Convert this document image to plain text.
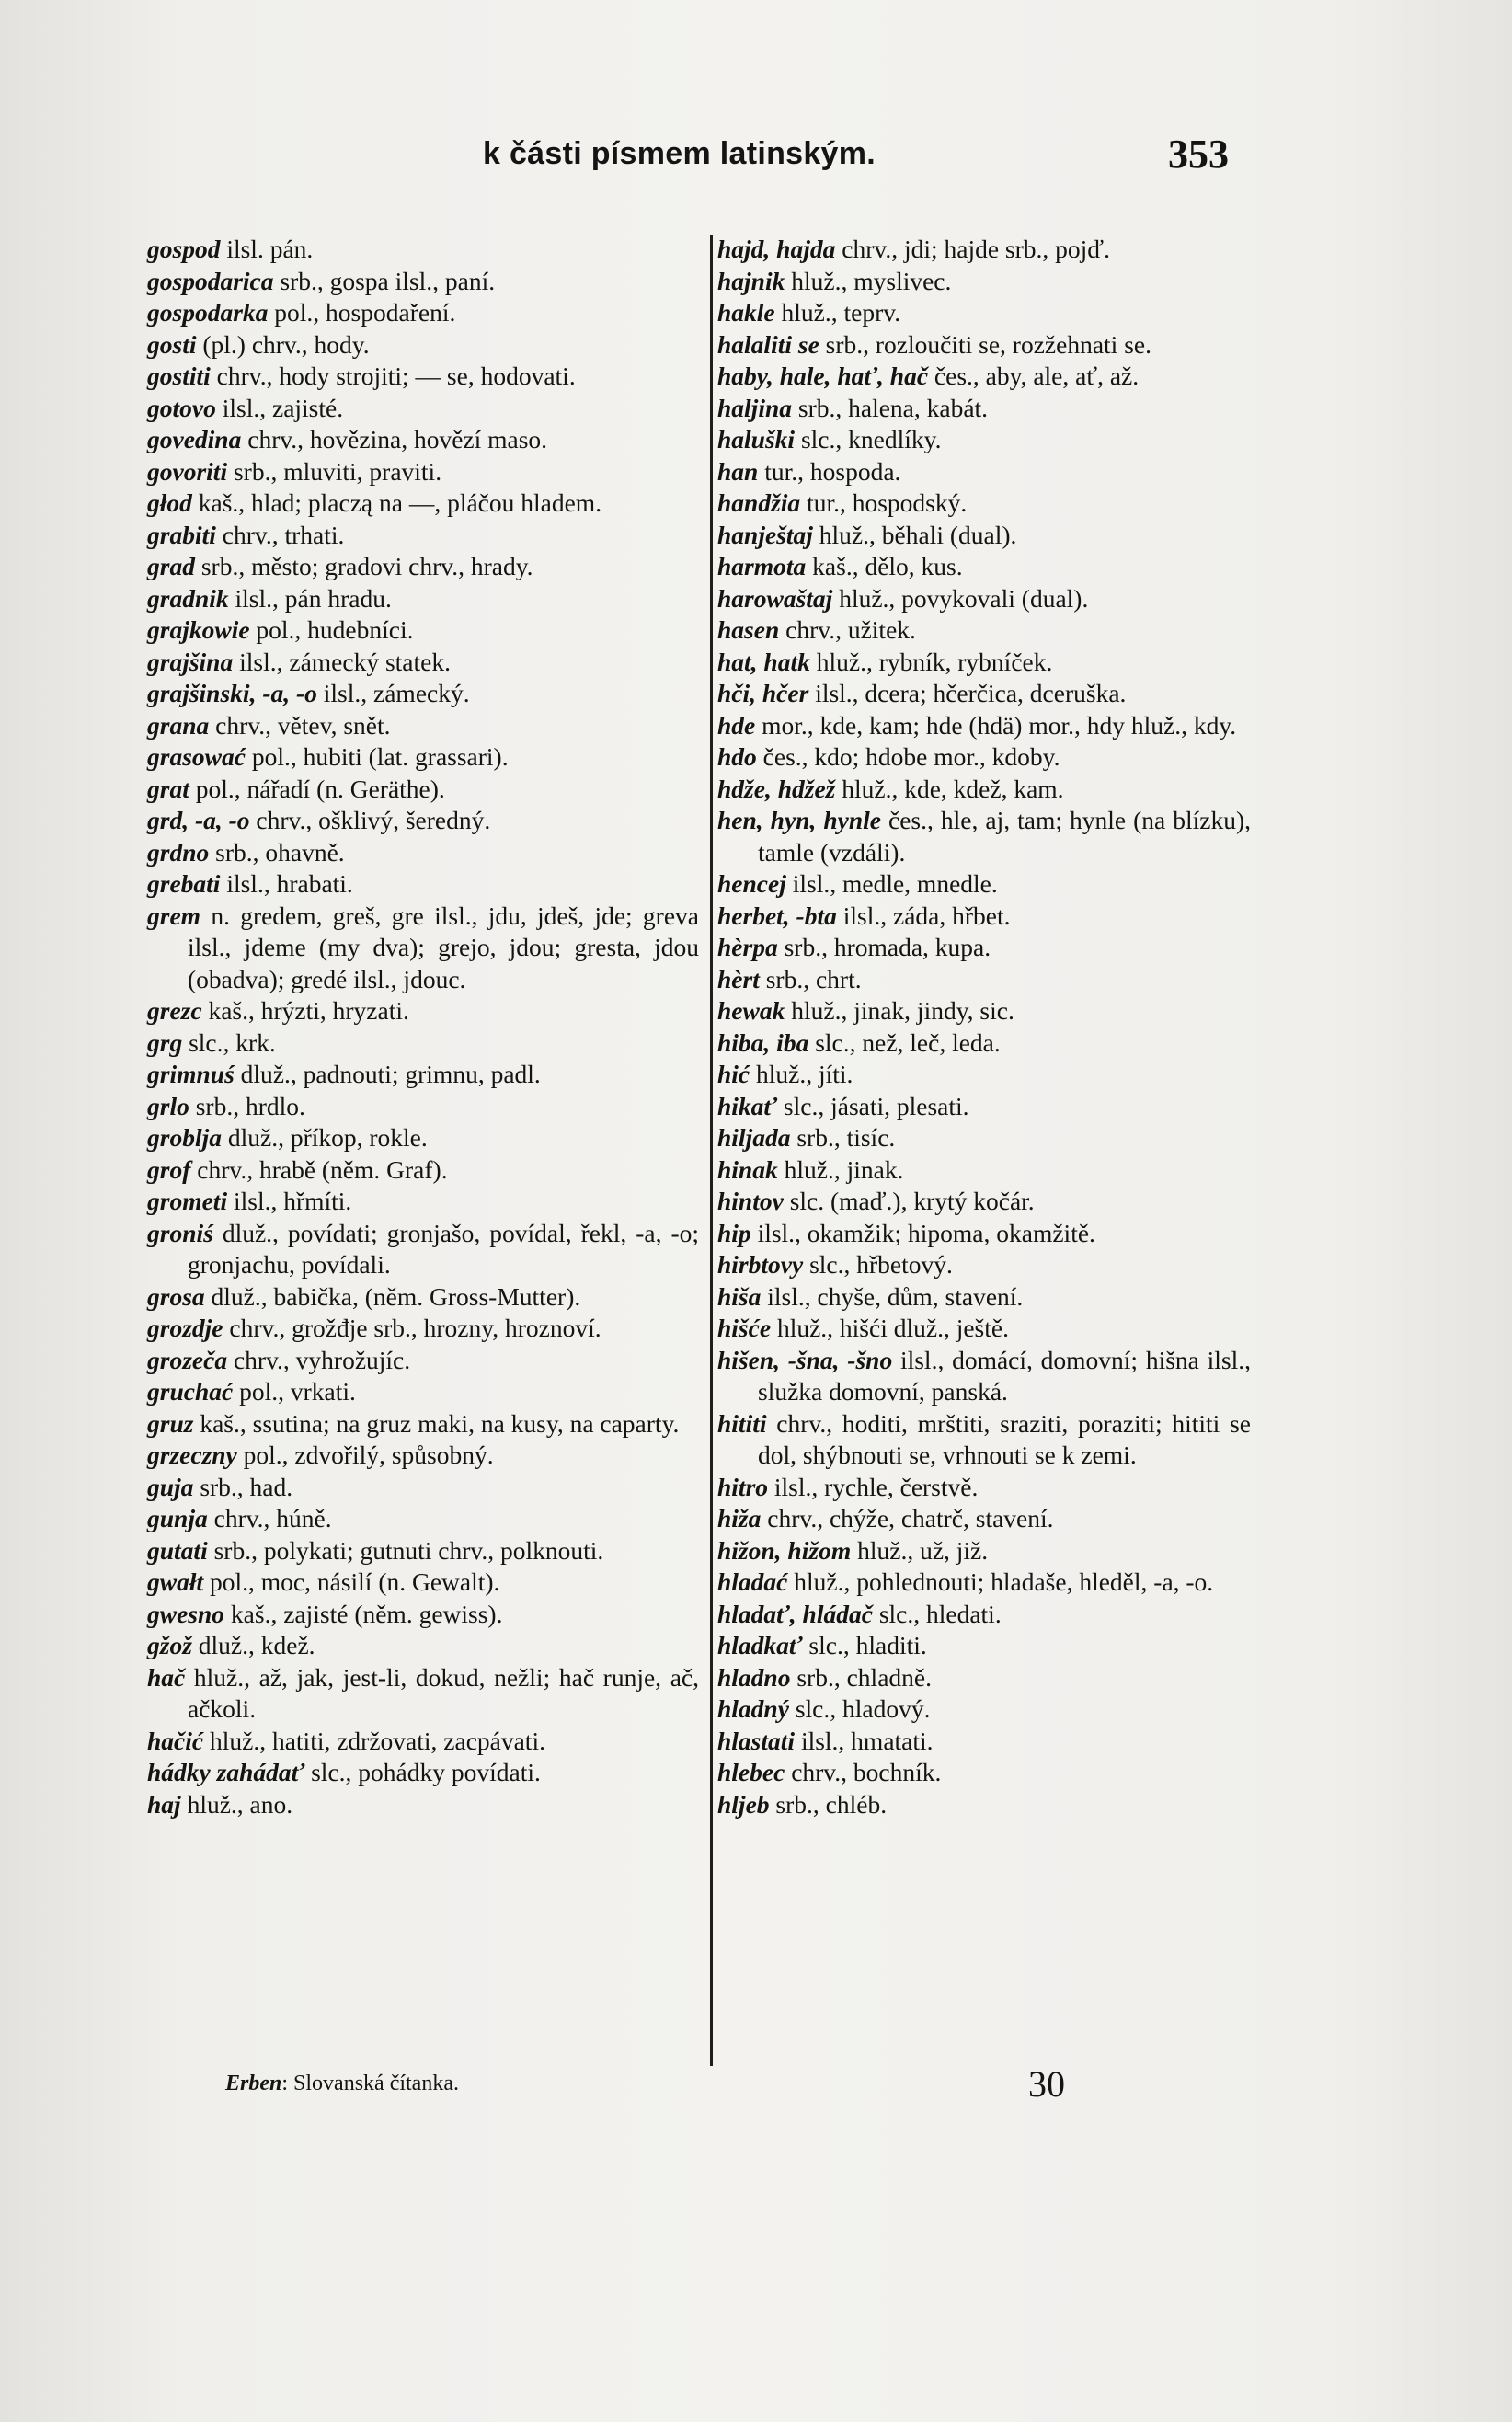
k části písmem latinským.	353

gospod ilsl. pán.

gospodarica srb., gospa ilsl., paní.

gospodarka pol., hospodaření.

gosti (pl.) chrv., hody.

gostiti chrv., hody strojiti; — se, hodovati.

gotovo ilsl., zajisté.

govedina chrv., hovězina, hovězí maso.

govoriti srb., mluviti, praviti.

głod kaš., hlad; placzą na —, pláčou hladem.

grabiti chrv., trhati.

grad srb., město; gradovi chrv., hrady.

gradnik ilsl., pán hradu.

grajkowie pol., hudebníci.

grajšina ilsl., zámecký statek.

grajšinski, -a, -o ilsl., zámecký.

grana chrv., větev, snět.

grasować pol., hubiti (lat. grassari).

grat pol., nářadí (n. Geräthe).

grd, -a, -o chrv., ošklivý, šeredný.

grdno srb., ohavně.

grebati ilsl., hrabati.

grem n. gredem, greš, gre ilsl., jdu, jdeš, jde; greva ilsl., jdeme (my dva); grejo, jdou; gresta, jdou (obadva); gredé ilsl., jdouc.

grezc kaš., hrýzti, hryzati.

grg slc., krk.

grimnuś dluž., padnouti; grimnu, padl.

grlo srb., hrdlo.

groblja dluž., příkop, rokle.

grof chrv., hrabě (něm. Graf).

grometi ilsl., hřmíti.

groniś dluž., povídati; gronjašo, povídal, řekl, -a, -o; gronjachu, povídali.

grosa dluž., babička, (něm. Gross-Mutter).

grozdje chrv., grožđje srb., hrozny, hroznoví.

grozeča chrv., vyhrožujíc.

gruchać pol., vrkati.

gruz kaš., ssutina; na gruz maki, na kusy, na caparty.

grzeczny pol., zdvořilý, spůsobný.

guja srb., had.

gunja chrv., húně.

gutati srb., polykati; gutnuti chrv., polknouti.

gwałt pol., moc, násilí (n. Gewalt).

gwesno kaš., zajisté (něm. gewiss).

gžož dluž., kdež.

hač hluž., až, jak, jest-li, dokud, nežli; hač runje, ač, ačkoli.

hačić hluž., hatiti, zdržovati, zacpávati.

hádky zahádať slc., pohádky povídati.

haj hluž., ano.

hajd, hajda chrv., jdi; hajde srb., pojď.

hajnik hluž., myslivec.

hakle hluž., teprv.

halaliti se srb., rozloučiti se, rozžehnati se.

haby, hale, hať, hač čes., aby, ale, ať, až.

haljina srb., halena, kabát.

haluški slc., knedlíky.

han tur., hospoda.

handžia tur., hospodský.

hanještaj hluž., běhali (dual).

harmota kaš., dělo, kus.

harowaštaj hluž., povykovali (dual).

hasen chrv., užitek.

hat, hatk hluž., rybník, rybníček.

hči, hčer ilsl., dcera; hčerčica, dceruška.

hde mor., kde, kam; hde (hdä) mor., hdy hluž., kdy.

hdo čes., kdo; hdobe mor., kdoby.

hdže, hdžež hluž., kde, kdež, kam.

hen, hyn, hynle čes., hle, aj, tam; hynle (na blízku), tamle (vzdáli).

hencej ilsl., medle, mnedle.

herbet, -bta ilsl., záda, hřbet.

hèrpa srb., hromada, kupa.

hèrt srb., chrt.

hewak hluž., jinak, jindy, sic.

hiba, iba slc., než, leč, leda.

hić hluž., jíti.

hikať slc., jásati, plesati.

hiljada srb., tisíc.

hinak hluž., jinak.

hintov slc. (maď.), krytý kočár.

hip ilsl., okamžik; hipoma, okamžitě.

hirbtovy slc., hřbetový.

hiša ilsl., chyše, dům, stavení.

hišće hluž., hišći dluž., ještě.

hišen, -šna, -šno ilsl., domácí, domovní; hišna ilsl., služka domovní, panská.

hititi chrv., hoditi, mrštiti, sraziti, poraziti; hititi se dol, shýbnouti se, vrhnouti se k zemi.

hitro ilsl., rychle, čerstvě.

hiža chrv., chýže, chatrč, stavení.

hižon, hižom hluž., už, již.

hladać hluž., pohlednouti; hladaše, hleděl, -a, -o.

hladať, hládač slc., hledati.

hladkať slc., hladiti.

hladno srb., chladně.

hladný slc., hladový.

hlastati ilsl., hmatati.

hlebec chrv., bochník.

hljeb srb., chléb.

Erben: Slovanská čítanka.	30
